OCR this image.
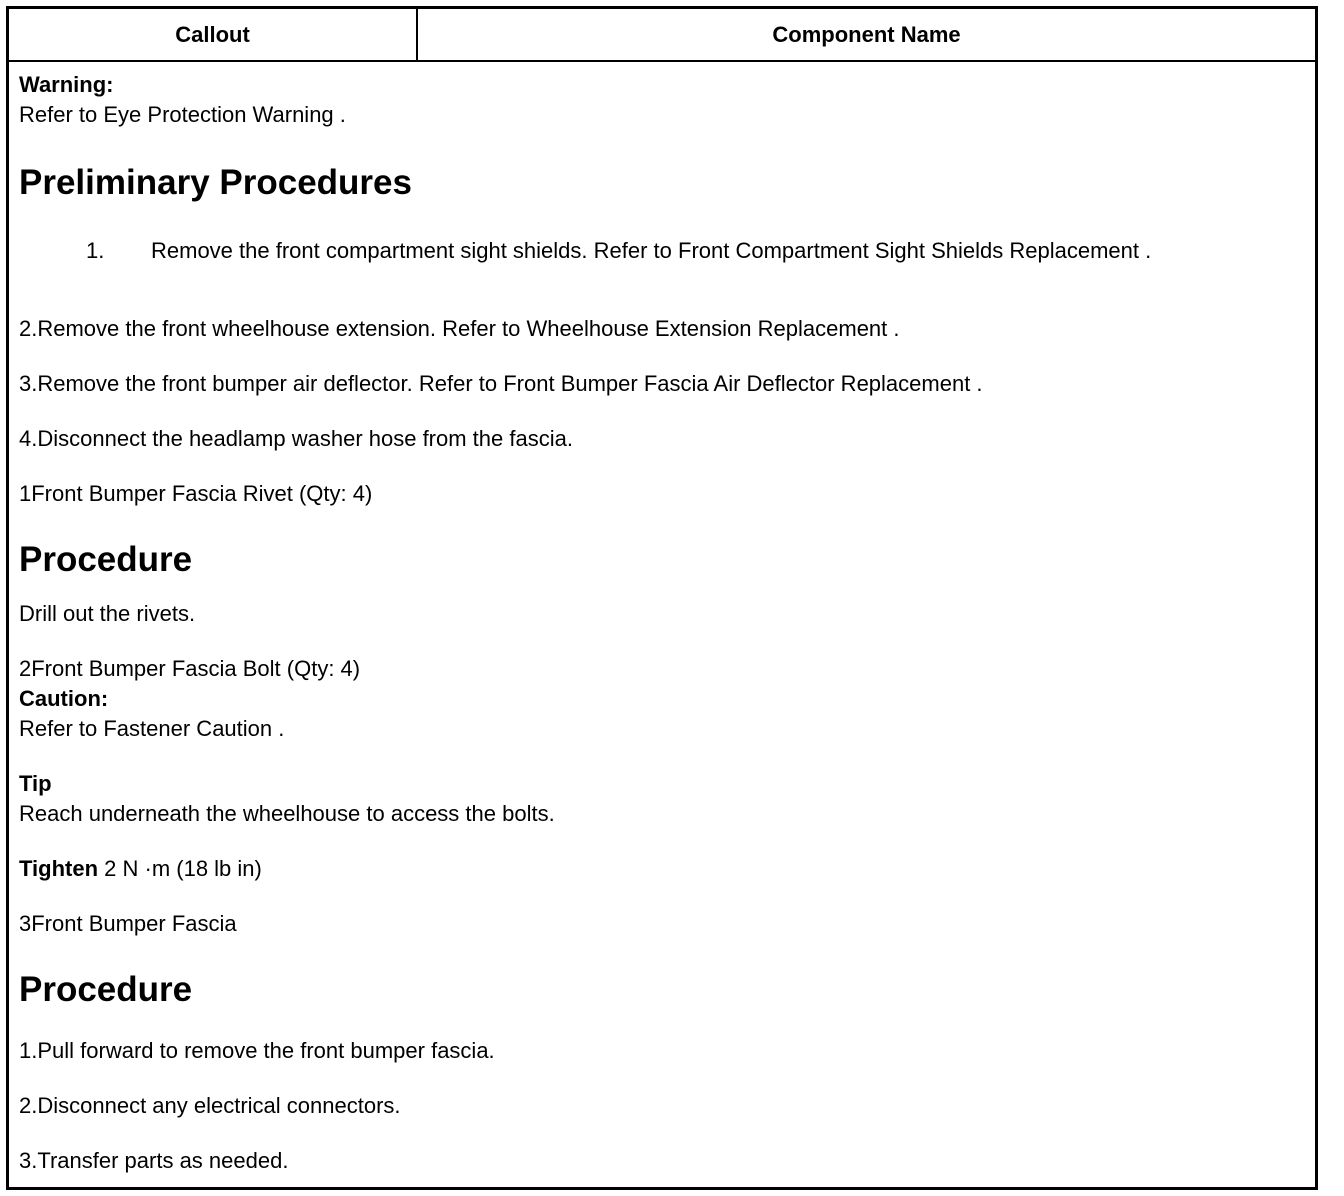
Callout	Component Name
Warning:
Refer to Eye Protection Warning .
Preliminary Procedures
1. Remove the front compartment sight shields. Refer to Front Compartment Sight Shields Replacement .
2.Remove the front wheelhouse extension. Refer to Wheelhouse Extension Replacement .
3.Remove the front bumper air deflector. Refer to Front Bumper Fascia Air Deflector Replacement .
4.Disconnect the headlamp washer hose from the fascia.
1Front Bumper Fascia Rivet (Qty: 4)
Procedure
Drill out the rivets.
2Front Bumper Fascia Bolt (Qty: 4)
Caution:
Refer to Fastener Caution .
Tip
Reach underneath the wheelhouse to access the bolts.
Tighten 2 N ·m (18 lb in)
3Front Bumper Fascia
Procedure
1.Pull forward to remove the front bumper fascia.
2.Disconnect any electrical connectors.
3.Transfer parts as needed.
